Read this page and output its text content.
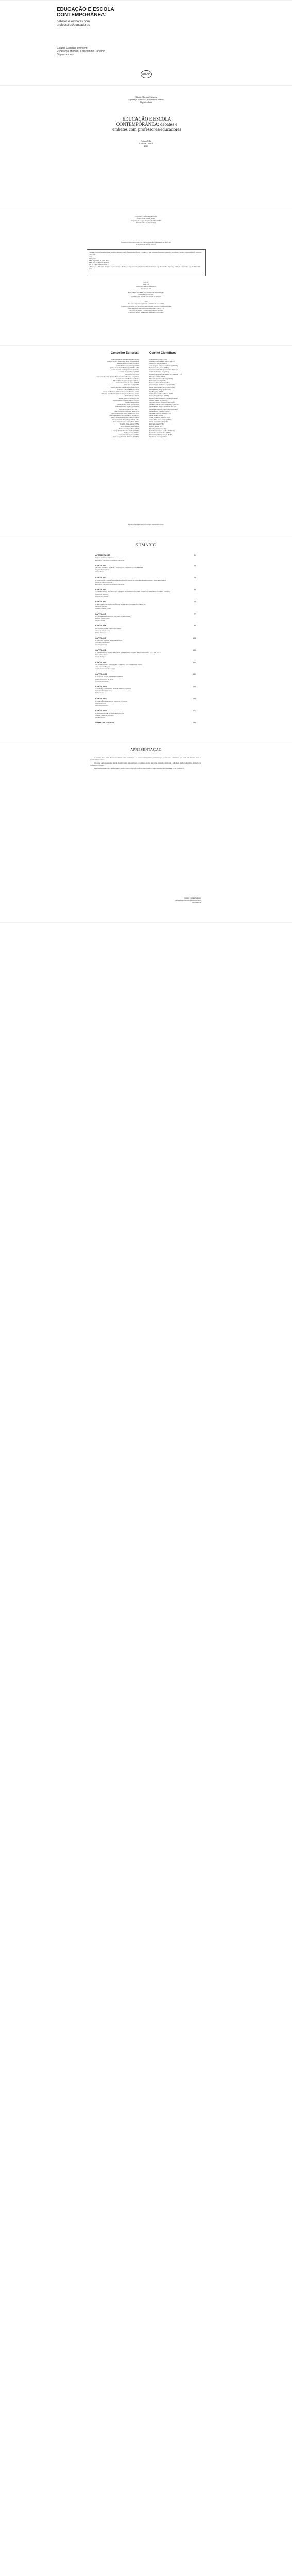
EDUCAÇÃO E ESCOLA
CONTEMPORÂNEA:
debates e embates com
professores/educadores
Cláudia Claciana Swinsem
Esperança Minhotiu Caraclandio Carvalho
Organizadoras
ATENA
Cláudia Claciana Swinsem
Esperança Minhotiu Caraclandio Carvalho
Organizadoras
EDUCAÇÃO E ESCOLA
CONTEMPORÂNEA: debates e
embates com professores/educadores
Editora CRV
Curitiba – Brasil
2020
Copyright © da Editora CRV Ltda.
Editor-chefe: Railson Moura
Diagramação e Capa: Designers da Editora CRV
Revisão: Vitor Sierkler Kampf
DADOS INTERNACIONAIS DE CATALOGAÇÃO NA PUBLICAÇÃO (CIP)
CATALOGAÇÃO NA FONTE
Educação e escola contemporânea: debates e embates com professores/educadores / Cláudia Claciana Swinsem, Esperança Minhotiu Caraclandio Carvalho (organizadoras) – Curitiba : CRV, 2020.
172 p.
Bibliografia
ISBN Digital 978-65-5578-000-0
ISBN Físico 978-65-5578-000-0
DOI 10.24824/978655578000.0
1. Educação 2. Educação Infantil 3. Gestão escolar 4. Formação de professores I. Swinsem, Cláudia Claciana. org. II. Carvalho, Esperança Minhotiu Caraclandio. org. III. Título III. Série.
CDU 37
CDD 370
Índice para catálogo sistemático
1. Educação 370
ESTA OBRA TAMBÉM ENCONTRA-SE DISPONÍVEL
EM FORMATO DIGITAL.
CONHEÇA E BAIXE NOSSO APLICATIVO!
2020
Foi feito o depósito legal conf. Lei 10.994 de 14/12/2004
Proibida a reprodução parcial ou total desta obra sem autorização da Editora CRV
Todos os direitos desta edição reservados pela: Editora CRV
Tel.: (41) 3039-6418 - E-mail: sac@editoracrv.com.br
Conheça os nossos lançamentos: www.editoracrv.com.br
Conselho Editorial:	Comitê Científico:
Aldira Guimarães Duarte Domínguez (UNB)
Andréia da Silva Quintanilha Sousa (UNIR/UFRN)
Anselmo Alencar Colares (UFOPA)
Antônio Pereira Gaio Júnior (UFRRJ)
Carlos Alberto Vilar Estêvão (UMINHO – PT)
Carlos Federico Domínguez Avila (Unieuro)
Carmen Tereza Velanga (UNIR)
Celso Conti (UFSCar)
Cesar Gerónimo Tello (Univer. Nacional Três de Febrero – Argentina)
Eduardo Fernandes Barbosa (UFMG)
Elione Maria Nogueira Diogenes (UFAL)
Elizeu Clementino de Souza (UNEB)
Élsio José Corá (UFFS)
Fernando Antônio Gonçalves Alcoforado (IPB)
Francisco Carlos Duarte (PUC-PR)
Gloria Fariñas León (Universidade de La Havana – Cuba)
Guillermo Arias Beatón (Universidade de La Havana – Cuba)
Helmuth Krüger (UCP)
Jailson Alves dos Santos (UFRJ)
João Adalberto Campato Junior (UNESP)
Josania Portela (UFPI)
Leonel Severo Rocha (UNISINOS)
Lídia de Oliveira Xavier (UNIEURO)
Lourdes Helena da Silva (UFV)
Marcelo Paixão (UFRJ e UTexas – US)
Maria Cristina dos Santos Bezerra (UFSCar)
Maria de Lourdes Pinto de Almeida (UNOESC)
Maria Lília Imbiriba Sousa Colares (UFOPA)
Paulo Romualdo Hernandes (UNIFAL-MG)
Renato Francisco dos Santos Paula (UFG)
Rodrigo Pratte-Santos (UFES)
Sérgio Nunes de Jesus (IFRO)
Simone Rodrigues Pinto (UNB)
Solange Helena Ximenes-Rocha (UFOPA)
Sydione Santos (UEPG)
Tadeu Oliver Gonçalves (UFPA)
Tania Suely Azevedo Brasileiro (UFOPA)
Altair Alberto Fávero (UPF)
Ana Chrystina Venancio Mignot (UERJ)
Andréia N. Militão (UEMS)
Anna Augusta Sampaio de Oliveira (UNESP)
Barbara Coelho Neves (UFBA)
Cesar Gerónimo Tello (Universidad Nacional
de Três de Febrero – Argentina)
Diosnel Centurion (Univ Americ. de Asunción – Py)
Eliane Rose Maio (UEM)
Elizeu Clementino de Souza (UNEB)
Fauston Negreiros (UFPI)
Francisco Ari de Andrade (UFC)
Gláucia Maria dos Santos Jorge (UFOP)
Helder Buenos Aires de Carvalho (UFPI)
Ilma Passos A. Veiga (UNICEUB)
Inês Bragança (UERJ)
José de Ribamar Sousa Pereira (UCB)
Jussara Fraga Portugal (UNEB)
Kilwangy Kya Kapitango-a-Samba (Unemat)
Lourdes Helena da Silva (UFV)
Marcos Vinicius Francisco (UNOESTE)
Maria de Lourdes Pinto de Almeida (UNOESC)
Maria Eurácia Barreto de Andrade (UFRB)
Maria Lília Imbiriba Sousa Colares (UFOPA)
Míguel Ángel Vásquez (UFRGS)
Mônica Pereira dos Santos (UFRJ)
Mirian Soares (UFPR)
Nilson Fernandes Dinis (UFSCar)
Osmar Hélio Alves Araújo (UFMA)
Otávio Arnaud Marchal (UFF)
Patrícia Lemos (UFJF)
Rodrigo Basilio (FEFF)
Sílvia Regina Canan (URI)
Sonia Maria Ferreira Koehler (UNISAL)
Suzana dos Santos Gomes (UFMG)
Vânia Alves Martins Chaigar (FURG)
Vera Lucia Gaspar (UDESC)
Este livro foi avaliado e aprovado por pareceristas ad hoc.
SUMÁRIO
APRESENTAÇÃO	11
Cláudia Claciana Swinsem
Esperança Minhotiu Caraclandio Carvalho
CAPÍTULO 1	13
ANÁLISE CRÍTICA SOBRE A AVALIAÇÃO NA EDUCAÇÃO INFANTIL
Regina Martins Dias
Tânia Nunes
CAPÍTULO 2	29
A PROPOSTA PEDAGÓGICA DA EDUCAÇÃO INFANTIL: um olhar filosófico sobre a Educação Infantil
Maria do Carmo Oliveira
Esperança Minhotiu Caraclandio Carvalho
CAPÍTULO 3	49
A IMPORTÂNCIA DO VÍNCULO AFETIVO PARA A EFICÁCIA DO ENSINO E APRENDIZAGEM NA CRIANÇA
Ana Paula Ventura
Lourival de Sousa
CAPÍTULO 4	63
O BRINCAR E SUA IMPORTÂNCIA NO DESENVOLVIMENTO INFANTIL
Laura de Oliveira
Rayane Claudia Prado
CAPÍTULO 5	77
A PSICOPEDAGOGIA NO CONTEXTO ESCOLAR
Débora Vasconcelos
Gerlene Silva
CAPÍTULO 6	89
DIFICULDADE DE APRENDIZAGEM
Alana de Souza Lima
Eliane Tavares
CAPÍTULO 7	103
O USO DO LÚDICO NA MATEMÁTICA
Jozivaldo Fernandes
Ceulany Holanda
CAPÍTULO 8	115
A IMPORTÂNCIA DA MATEMÁTICA NA PERCEPÇÃO DOS EDUCANDOS DA SALA DE AULA
Sara Vitória Moura
Sérgio Marques
CAPÍTULO 9	127
OS DESAFIOS DA EDUCAÇÃO ESPECIAL NO CONTEXTO ATUAL
José Marcelo Borges
Ana Luíza Fernandes Araújo
CAPÍTULO 10	141
A GESTÃO ESCOLAR DEMOCRÁTICA
Cleide Rodrigues da Silva
Sílvio Serra Moura
CAPÍTULO 11	155
A FORMAÇÃO CONTINUADA DE PROFESSORES
Francisca Neta Tavares
Fábio Sousa
CAPÍTULO 12	163
A INCLUSÃO DIGITAL NA ESCOLA PÚBLICA
Giselle Barroso
Fernanda Antunes
CAPÍTULO 13	171
A EDUCAÇÃO DE JOVENS E ADULTOS
Cláudia Claciana Swinsem
Renata Nunes
SOBRE OS AUTORES	185
APRESENTAÇÃO

O presente livro reúne diferentes reflexões sobre a educação e a escola contemporânea, produzidas por professores e educadores que atuam em diversos níveis e modalidades de ensino.

Os textos aqui apresentados buscam discutir temas relevantes para o cotidiano escolar, tais como avaliação, afetividade, ludicidade, gestão democrática, formação de professores e inclusão.

Esperamos que esta obra contribua para o debate e para a construção de práticas pedagógicas comprometidas com a qualidade social da educação.

Cláudia Claciana Swinsem
Esperança Minhotiu Caraclandio Carvalho
Organizadoras
